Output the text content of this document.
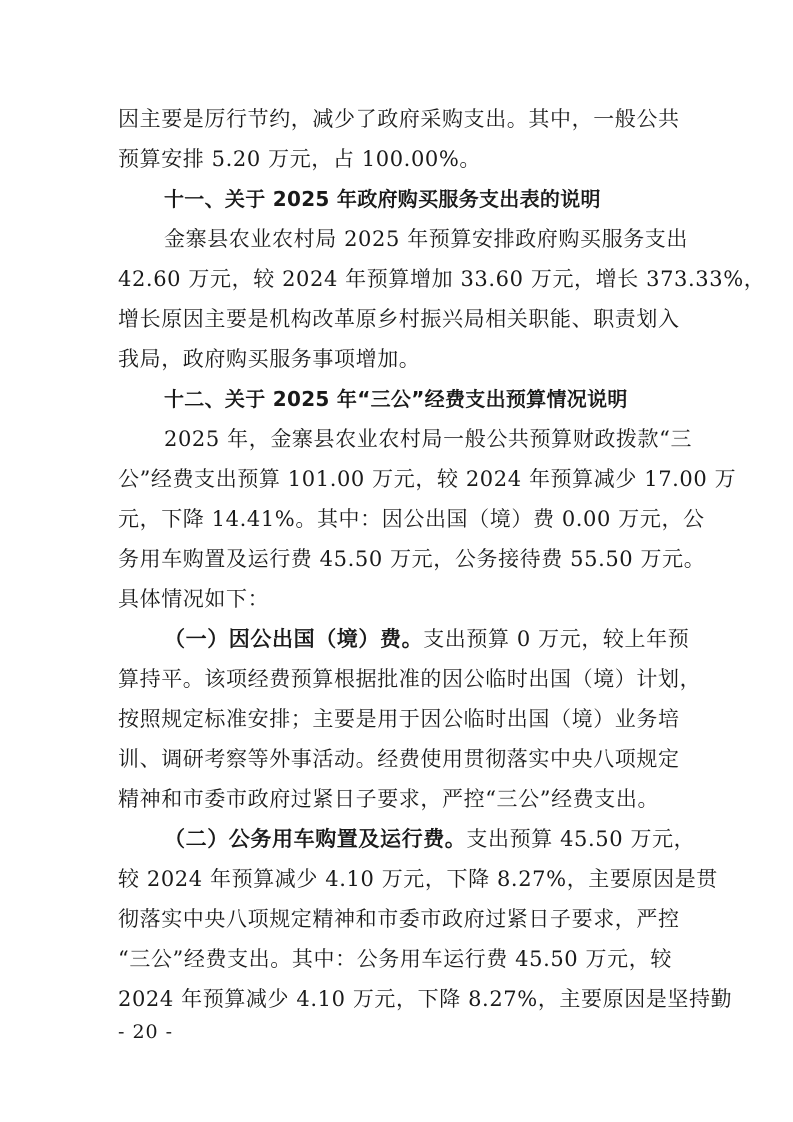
因主要是厉行节约，减少了政府采购支出。其中，一般公共
预算安排 5.20 万元，占 100.00%。
十一、关于 2025 年政府购买服务支出表的说明
金寨县农业农村局 2025 年预算安排政府购买服务支出
42.60 万元，较 2024 年预算增加 33.60 万元，增长 373.33%，
增长原因主要是机构改革原乡村振兴局相关职能、职责划入
我局，政府购买服务事项增加。
十二、关于 2025 年“三公”经费支出预算情况说明
2025 年，金寨县农业农村局一般公共预算财政拨款“三
公”经费支出预算 101.00 万元，较 2024 年预算减少 17.00 万
元，下降 14.41%。其中：因公出国（境）费 0.00 万元，公
务用车购置及运行费 45.50 万元，公务接待费 55.50 万元。
具体情况如下：
（一）因公出国（境）费。支出预算 0 万元，较上年预
算持平。该项经费预算根据批准的因公临时出国（境）计划，
按照规定标准安排；主要是用于因公临时出国（境）业务培
训、调研考察等外事活动。经费使用贯彻落实中央八项规定
精神和市委市政府过紧日子要求，严控“三公”经费支出。
（二）公务用车购置及运行费。支出预算 45.50 万元，
较 2024 年预算减少 4.10 万元，下降 8.27%，主要原因是贯
彻落实中央八项规定精神和市委市政府过紧日子要求，严控
“三公”经费支出。其中：公务用车运行费 45.50 万元，较
2024 年预算减少 4.10 万元，下降 8.27%，主要原因是坚持勤
- 20 -
